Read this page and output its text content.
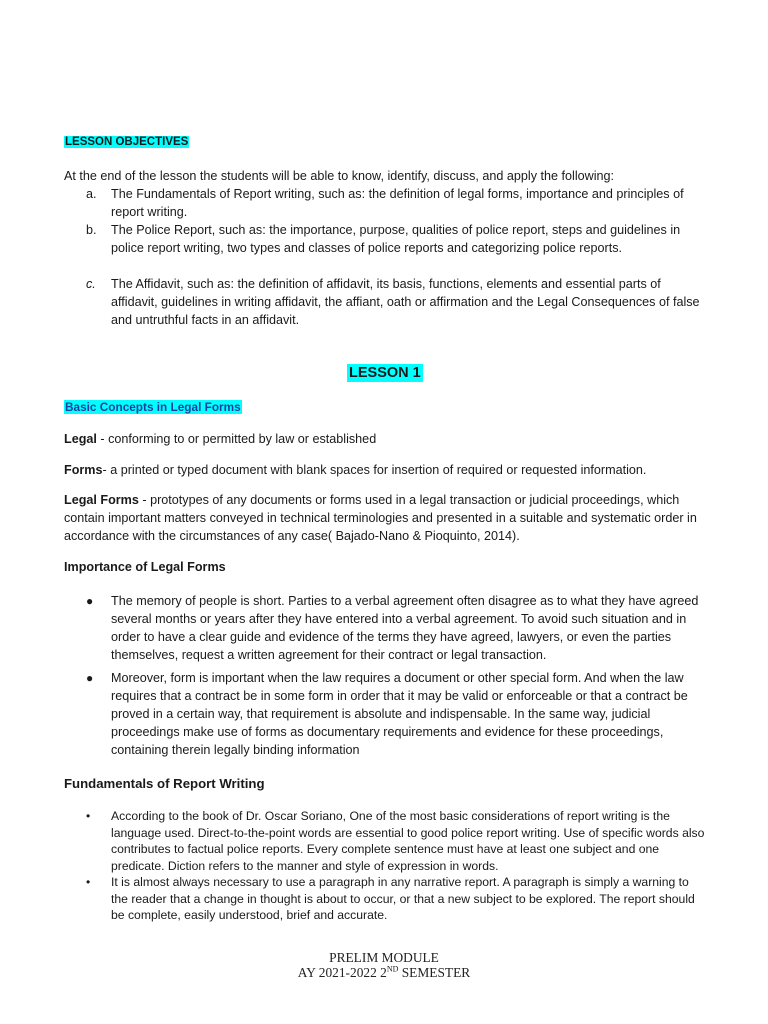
LESSON OBJECTIVES
At the end of the lesson the students will be able to know, identify, discuss, and apply the following:
a.	The Fundamentals of Report writing, such as: the definition of legal forms, importance and principles of report writing.
b.	The Police Report, such as: the importance, purpose, qualities of police report, steps and guidelines in police report writing, two types and classes of police reports and categorizing police reports.
c.	The Affidavit, such as: the definition of affidavit, its basis, functions, elements and essential parts of affidavit, guidelines in writing affidavit, the affiant, oath or affirmation and the Legal Consequences of false and untruthful facts in an affidavit.
LESSON 1
Basic Concepts in Legal Forms
Legal - conforming to or permitted by law or established
Forms- a printed or typed document with blank spaces for insertion of required or requested information.
Legal Forms - prototypes of any documents or forms used in a legal transaction or judicial proceedings, which contain important matters conveyed in technical terminologies and presented in a suitable and systematic order in accordance with the circumstances of any case( Bajado-Nano & Pioquinto, 2014).
Importance of Legal Forms
●	The memory of people is short. Parties to a verbal agreement often disagree as to what they have agreed several months or years after they have entered into a verbal agreement. To avoid such situation and in order to have a clear guide and evidence of the terms they have agreed, lawyers, or even the parties themselves, request a written agreement for their contract or legal transaction.
●	Moreover, form is important when the law requires a document or other special form. And when the law requires that a contract be in some form in order that it may be valid or enforceable or that a contract be proved in a certain way, that requirement is absolute and indispensable. In the same way, judicial proceedings make use of forms as documentary requirements and evidence for these proceedings, containing therein legally binding information
Fundamentals of Report Writing
•	According to the book of Dr. Oscar Soriano, One of the most basic considerations of report writing is the language used. Direct-to-the-point words are essential to good police report writing. Use of specific words also contributes to factual police reports. Every complete sentence must have at least one subject and one predicate. Diction refers to the manner and style of expression in words.
•	It is almost always necessary to use a paragraph in any narrative report. A paragraph is simply a warning to the reader that a change in thought is about to occur, or that a new subject to be explored. The report should be complete, easily understood, brief and accurate.
PRELIM MODULE
AY 2021-2022 2ND SEMESTER
